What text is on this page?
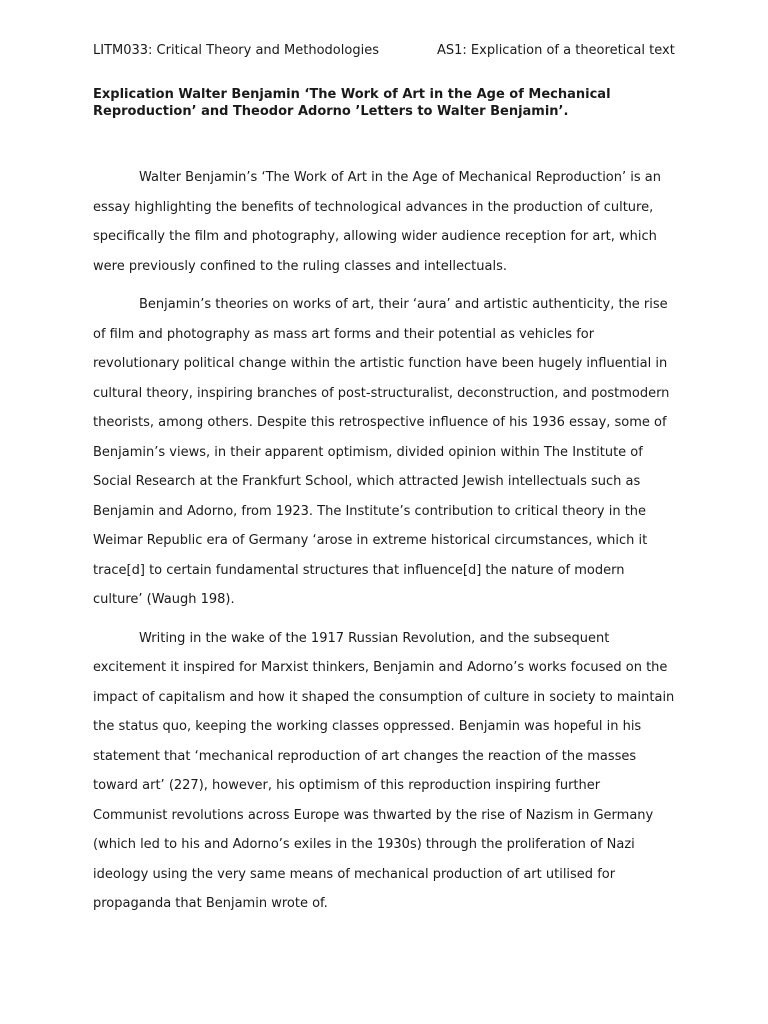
LITM033: Critical Theory and Methodologies	AS1: Explication of a theoretical text
Explication Walter Benjamin ‘The Work of Art in the Age of Mechanical Reproduction’ and Theodor Adorno ’Letters to Walter Benjamin’.

Walter Benjamin’s ‘The Work of Art in the Age of Mechanical Reproduction’ is an essay highlighting the benefits of technological advances in the production of culture, specifically the film and photography, allowing wider audience reception for art, which were previously confined to the ruling classes and intellectuals.

Benjamin’s theories on works of art, their ‘aura’ and artistic authenticity, the rise of film and photography as mass art forms and their potential as vehicles for revolutionary political change within the artistic function have been hugely influential in cultural theory, inspiring branches of post-structuralist, deconstruction, and postmodern theorists, among others. Despite this retrospective influence of his 1936 essay, some of Benjamin’s views, in their apparent optimism, divided opinion within The Institute of Social Research at the Frankfurt School, which attracted Jewish intellectuals such as Benjamin and Adorno, from 1923. The Institute’s contribution to critical theory in the Weimar Republic era of Germany ‘arose in extreme historical circumstances, which it trace[d] to certain fundamental structures that influence[d] the nature of modern culture’ (Waugh 198).

Writing in the wake of the 1917 Russian Revolution, and the subsequent excitement it inspired for Marxist thinkers, Benjamin and Adorno’s works focused on the impact of capitalism and how it shaped the consumption of culture in society to maintain the status quo, keeping the working classes oppressed. Benjamin was hopeful in his statement that ‘mechanical reproduction of art changes the reaction of the masses toward art’ (227), however, his optimism of this reproduction inspiring further Communist revolutions across Europe was thwarted by the rise of Nazism in Germany (which led to his and Adorno’s exiles in the 1930s) through the proliferation of Nazi ideology using the very same means of mechanical production of art utilised for propaganda that Benjamin wrote of.
